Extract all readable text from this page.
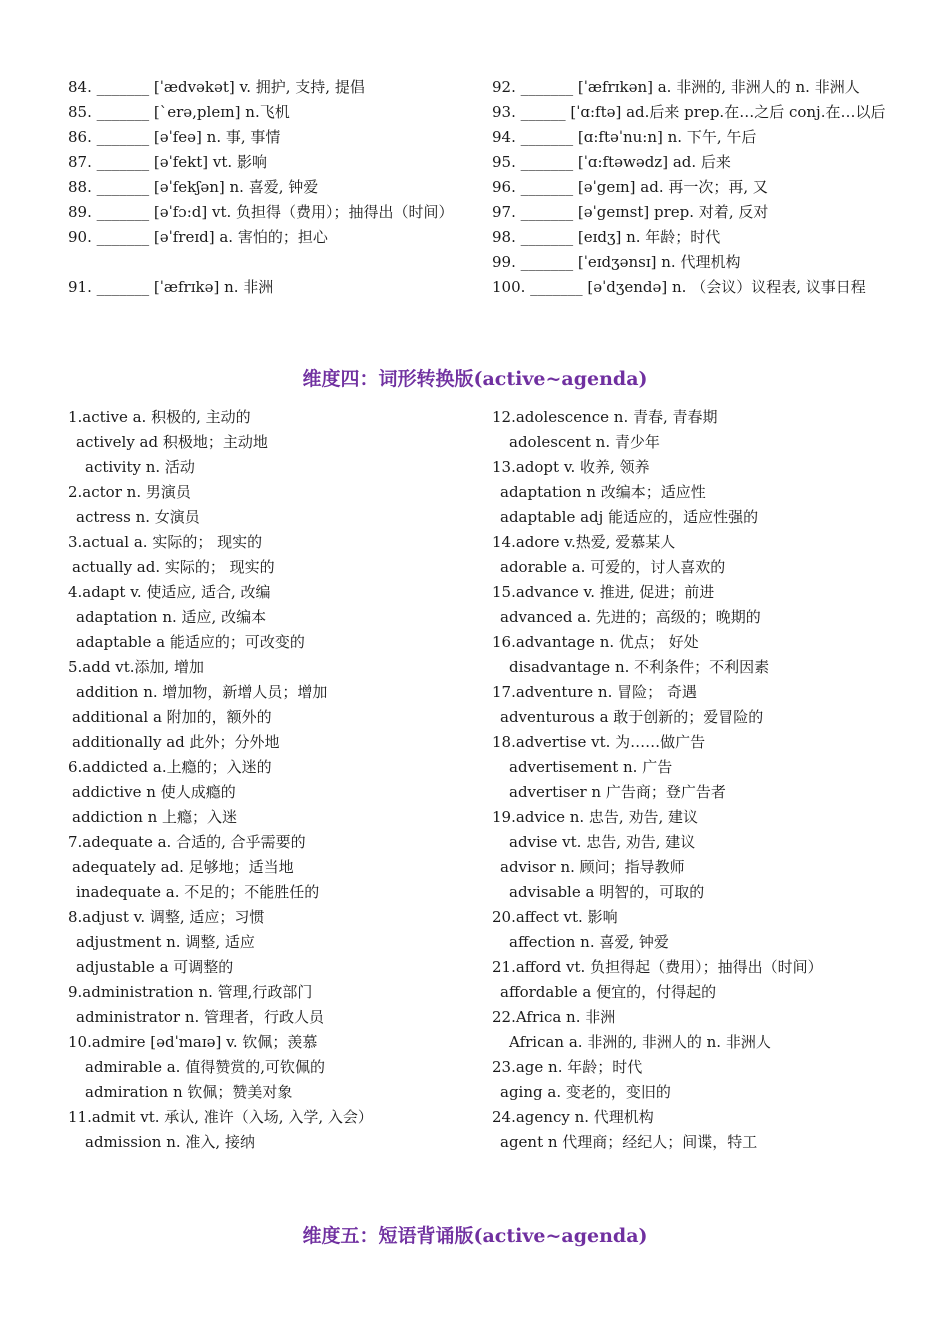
84. _______ [ˈædvəkət] v. 拥护, 支持, 提倡
85. _______ [ˋerə,pleɪn] n.飞机
86. _______ [əˈfeə] n. 事, 事情
87. _______ [əˈfekt] vt. 影响
88. _______ [əˈfekʃən] n. 喜爱, 钟爱
89. _______ [əˈfɔ:d] vt. 负担得（费用）；抽得出（时间）
90. _______ [əˈfreɪd] a. 害怕的；担心
91. _______ [ˈæfrɪkə] n. 非洲
92. _______ [ˈæfrɪkən] a. 非洲的, 非洲人的 n. 非洲人
93. ______ [ˈɑ:ftə] ad.后来 prep.在…之后 conj.在…以后
94. _______ [ɑ:ftəˈnu:n] n. 下午, 午后
95. _______ [ˈɑ:ftəwədz] ad. 后来
96. _______ [əˈgeɪn] ad. 再一次；再, 又
97. _______ [əˈgeɪnst] prep. 对着, 反对
98. _______ [eɪdʒ] n. 年龄；时代
99. _______ [ˈeɪdʒənsɪ] n. 代理机构
100. _______ [əˈdʒendə] n. （会议）议程表, 议事日程
维度四：词形转换版(active~agenda)
1.active a. 积极的, 主动的
actively ad 积极地；主动地
activity n. 活动
2.actor n. 男演员
actress n. 女演员
3.actual a. 实际的； 现实的
actually ad. 实际的； 现实的
4.adapt v. 使适应, 适合, 改编
adaptation n. 适应, 改编本
adaptable a 能适应的；可改变的
5.add vt.添加, 增加
addition n. 增加物，新增人员；增加
additional a 附加的，额外的
additionally ad 此外；分外地
6.addicted a.上瘾的；入迷的
addictive n 使人成瘾的
addiction n 上瘾；入迷
7.adequate a. 合适的, 合乎需要的
adequately ad. 足够地；适当地
inadequate a. 不足的；不能胜任的
8.adjust v. 调整, 适应；习惯
adjustment n. 调整, 适应
adjustable a 可调整的
9.administration n. 管理,行政部门
administrator n. 管理者，行政人员
10.admire [ədˈmaɪə] v. 钦佩；羡慕
admirable a. 值得赞赏的,可钦佩的
admiration n 钦佩；赞美对象
11.admit vt. 承认, 准许（入场, 入学, 入会）
admission n. 准入, 接纳
12.adolescence n. 青春, 青春期
adolescent n. 青少年
13.adopt v. 收养, 领养
adaptation n 改编本；适应性
adaptable adj 能适应的，适应性强的
14.adore v.热爱, 爱慕某人
adorable a. 可爱的，讨人喜欢的
15.advance v. 推进, 促进；前进
advanced a. 先进的；高级的；晚期的
16.advantage n. 优点； 好处
disadvantage n. 不利条件；不利因素
17.adventure n. 冒险； 奇遇
adventurous a 敢于创新的；爱冒险的
18.advertise vt. 为……做广告
advertisement n. 广告
advertiser n 广告商；登广告者
19.advice n. 忠告, 劝告, 建议
advise vt. 忠告, 劝告, 建议
advisor n. 顾问；指导教师
advisable a 明智的，可取的
20.affect vt. 影响
affection n. 喜爱, 钟爱
21.afford vt. 负担得起（费用）；抽得出（时间）
affordable a 便宜的，付得起的
22.Africa n. 非洲
African a. 非洲的, 非洲人的 n. 非洲人
23.age n. 年龄；时代
aging a. 变老的，变旧的
24.agency n. 代理机构
agent n 代理商；经纪人；间谍，特工
维度五：短语背诵版(active~agenda)
